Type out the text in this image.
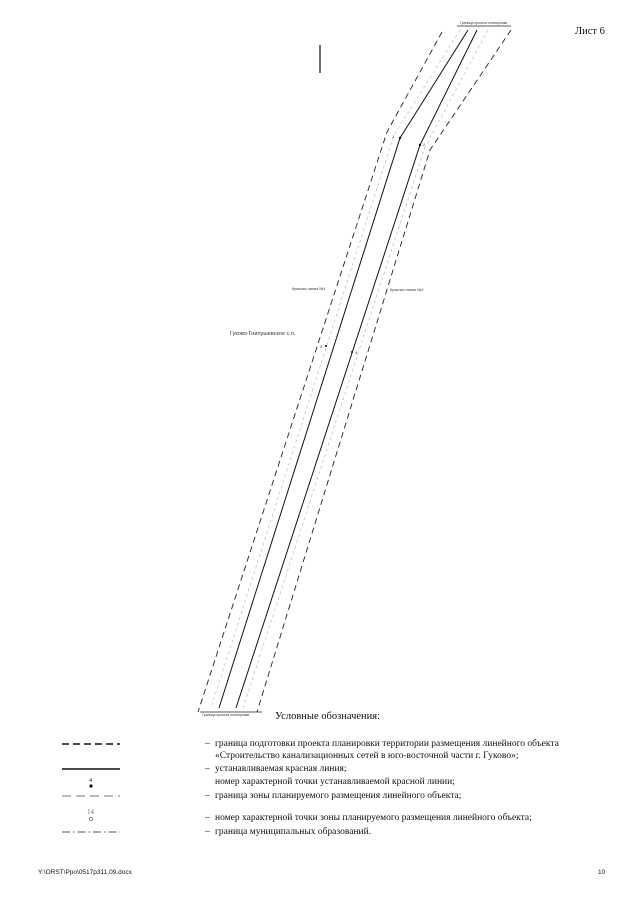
Лист 6
Граница проекта планировки
1
2
3
4
Красная линия №1	Красная линия №2
Гуково-Гнилушевское с.п.
Граница проекта планировки Условные обозначения:
– граница подготовки проекта планировки территории размещения линейного объекта
«Строительство канализационных сетей в юго-восточной части г. Гуково»;
– устанавливаемая красная линия;
4	номер характерной точки устанавливаемой красной линии;
– граница зоны планируемого размещения линейного объекта;
14
– номер характерной точки зоны планируемого размещения линейного объекта;
– граница муниципальных образований.
Y:\ORST\Ppo\0517p311.09.docx	10
